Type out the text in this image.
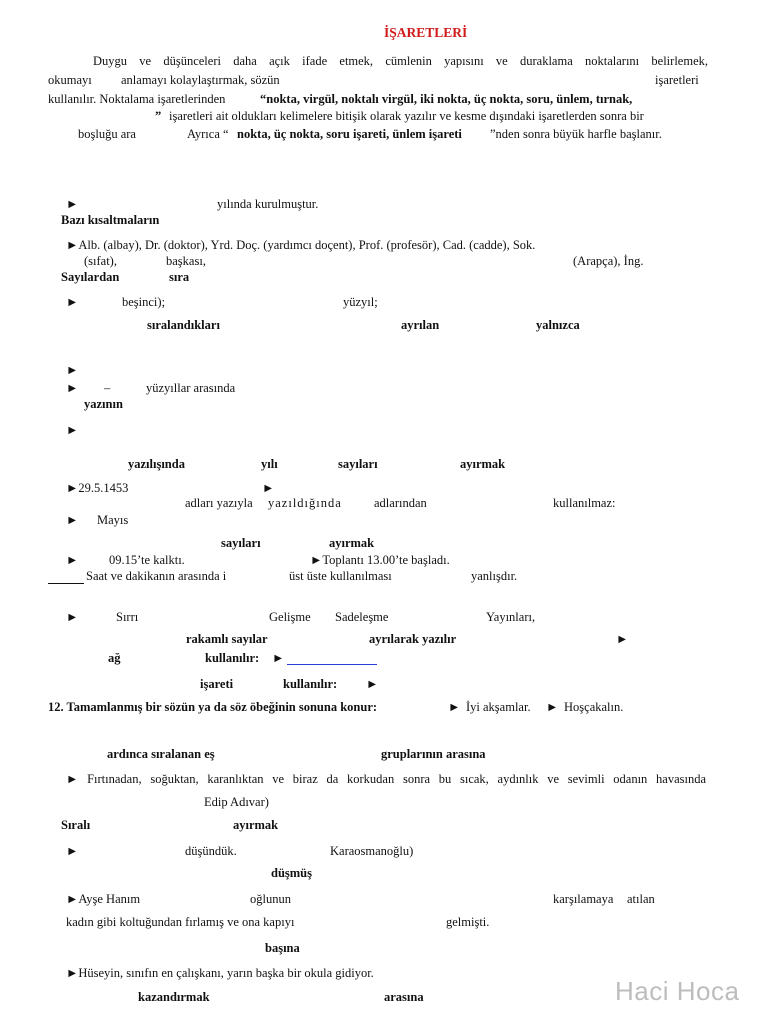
İŞARETLERİ
Duygu ve düşünceleri daha açık ifade etmek, cümlenin yapısını ve duraklama noktalarını belirlemek,
okumayı anlamayı kolaylaştırmak, sözün	işaretleri
kullanılır. Noktalama işaretlerinden	“nokta, virgül, noktalı virgül, iki nokta, üç nokta, soru, ünlem, tırnak,
” işaretleri ait oldukları kelimelere bitişik olarak yazılır ve kesme dışındaki işaretlerden sonra bir
boşluğu ara	Ayrıca “ nokta, üç nokta, soru işareti, ünlem işareti ”nden sonra büyük harfle başlanır.
►	yılında kurulmuştur.
Bazı kısaltmaların
►Alb. (albay), Dr. (doktor), Yrd. Doç. (yardımcı doçent), Prof. (profesör), Cad. (cadde), Sok.
(sıfat),	başkası,	(Arapça), İng.
Sayılardan	sıra
►	beşinci);	yüzyıl;
sıralandıkları	ayrılan	yalnızca
►
► –	yüzyıllar arasında
yazının
►
yazılışında	yılı	sayıları	ayırmak
►29.5.1453	►
adları yazıyla yazıldığında	adlarından	kullanılmaz:
► Mayıs
sayıları	ayırmak
► 09.15’te kalktı.	►Toplantı 13.00’te başladı.
Saat ve dakikanın arasında i	üst üste kullanılması	yanlışdır.
►	Sırrı	Gelişme Sadeleşme	Yayınları,
rakamlı sayılar	ayrılarak yazılır	►
ağ	kullanılır: ►
işareti	kullanılır: ►
12. Tamamlanmış bir sözün ya da söz öbeğinin sonuna konur:	► İyi akşamlar. ► Hoşçakalın.
ardınca sıralanan eş	gruplarının arasına
► Fırtınadan, soğuktan, karanlıktan ve biraz da korkudan sonra bu sıcak, aydınlık ve sevimli odanın havasında
Edip Adıvar)
Sıralı	ayırmak
►	düşündük.	Karaosmanoğlu)
düşmüş
►Ayşe Hanım	oğlunun	karşılamaya atılan
kadın gibi koltuğundan fırlamış ve ona kapıyı	gelmişti.
başına
►Hüseyin, sınıfın en çalışkanı, yarın başka bir okula gidiyor.
kazandırmak	arasına	Haci Hoca
